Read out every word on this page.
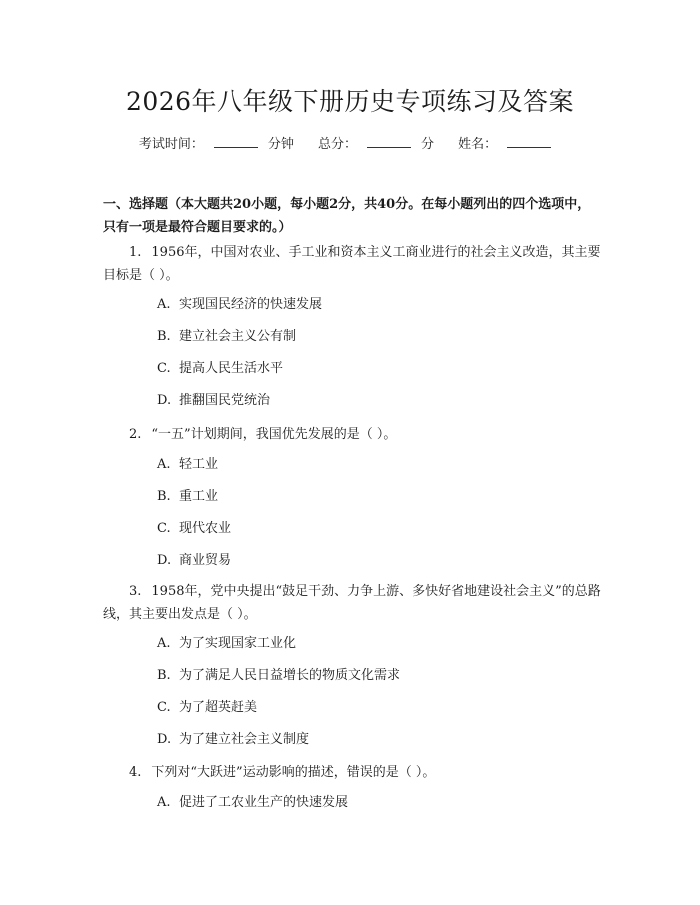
2026年八年级下册历史专项练习及答案
考试时间：	分钟 总分：	分 姓名：
一、选择题（本大题共20小题，每小题2分，共40分。在每小题列出的四个选项中，只有一项是最符合题目要求的。）
1. 1956年，中国对农业、手工业和资本主义工商业进行的社会主义改造，其主要目标是（ ）。
A. 实现国民经济的快速发展
B. 建立社会主义公有制
C. 提高人民生活水平
D. 推翻国民党统治
2. “一五”计划期间，我国优先发展的是（ ）。
A. 轻工业
B. 重工业
C. 现代农业
D. 商业贸易
3. 1958年，党中央提出“鼓足干劲、力争上游、多快好省地建设社会主义”的总路线，其主要出发点是（ ）。
A. 为了实现国家工业化
B. 为了满足人民日益增长的物质文化需求
C. 为了超英赶美
D. 为了建立社会主义制度
4. 下列对“大跃进”运动影响的描述，错误的是（ ）。
A. 促进了工农业生产的快速发展
